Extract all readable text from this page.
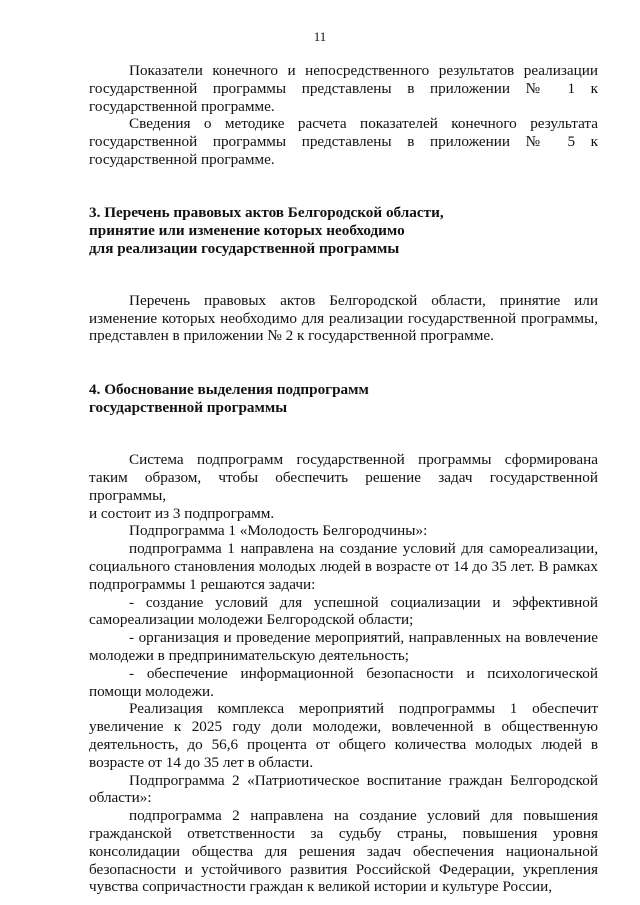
11

Показатели конечного и непосредственного результатов реализации государственной программы представлены в приложении № 1 к государственной программе.

Сведения о методике расчета показателей конечного результата государственной программы представлены в приложении № 5 к государственной программе.

3. Перечень правовых актов Белгородской области,

принятие или изменение которых необходимо

для реализации государственной программы

Перечень правовых актов Белгородской области, принятие или изменение которых необходимо для реализации государственной программы, представлен в приложении № 2 к государственной программе.

4. Обоснование выделения подпрограмм

государственной программы

Система подпрограмм государственной программы сформирована таким образом, чтобы обеспечить решение задач государственной программы,

и состоит из 3 подпрограмм.

Подпрограмма 1 «Молодость Белгородчины»:

подпрограмма 1 направлена на создание условий для самореализации, социального становления молодых людей в возрасте от 14 до 35 лет. В рамках подпрограммы 1 решаются задачи:

- создание условий для успешной социализации и эффективной самореализации молодежи Белгородской области;

- организация и проведение мероприятий, направленных на вовлечение молодежи в предпринимательскую деятельность;

- обеспечение информационной безопасности и психологической помощи молодежи.

Реализация комплекса мероприятий подпрограммы 1 обеспечит увеличение к 2025 году доли молодежи, вовлеченной в общественную деятельность, до 56,6 процента от общего количества молодых людей в возрасте от 14 до 35 лет в области.

Подпрограмма 2 «Патриотическое воспитание граждан Белгородской области»:

подпрограмма 2 направлена на создание условий для повышения гражданской ответственности за судьбу страны, повышения уровня консолидации общества для решения задач обеспечения национальной безопасности и устойчивого развития Российской Федерации, укрепления чувства сопричастности граждан к великой истории и культуре России,
